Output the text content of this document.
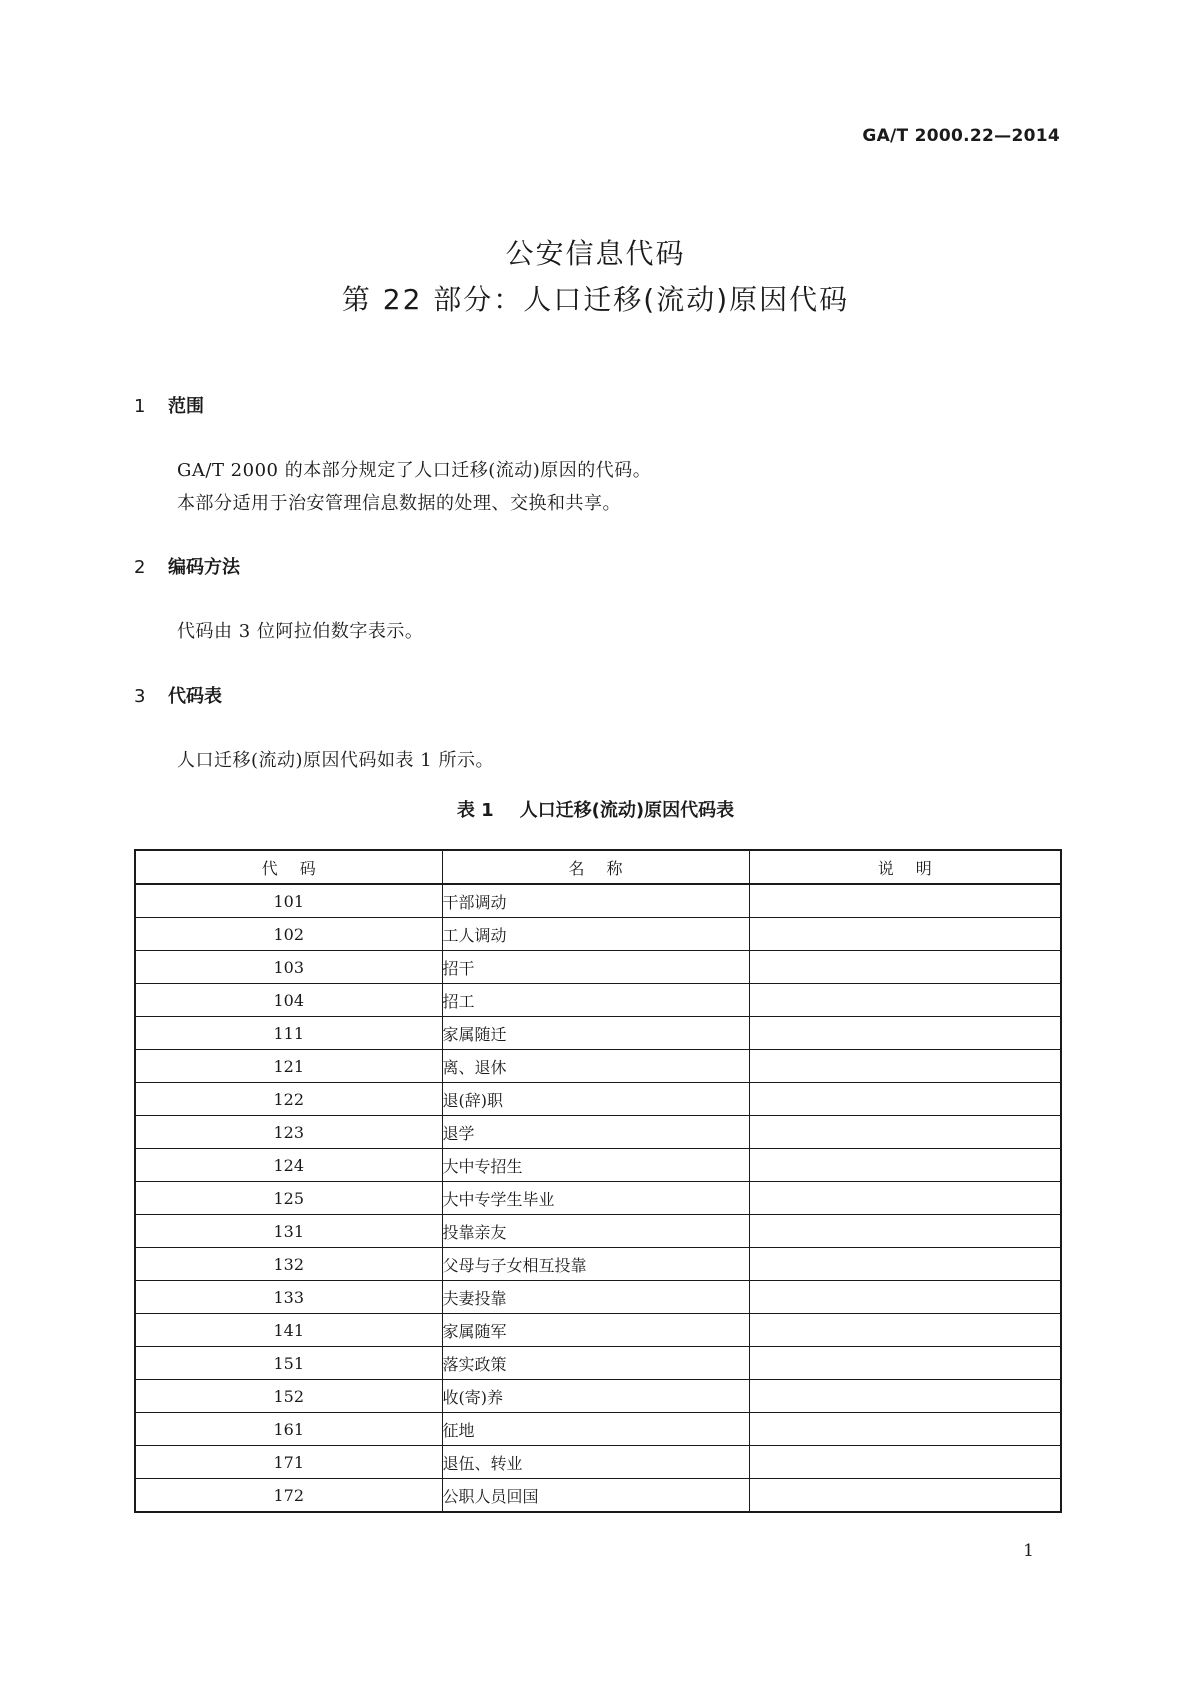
GA/T 2000.22—2014
公安信息代码
第 22 部分：人口迁移(流动)原因代码
1 范围
GA/T 2000 的本部分规定了人口迁移(流动)原因的代码。
本部分适用于治安管理信息数据的处理、交换和共享。
2 编码方法
代码由 3 位阿拉伯数字表示。
3 代码表
人口迁移(流动)原因代码如表 1 所示。
表 1 人口迁移(流动)原因代码表
代码	名称	说明
101	干部调动	
102	工人调动	
103	招干	
104	招工	
111	家属随迁	
121	离、退休	
122	退(辞)职	
123	退学	
124	大中专招生	
125	大中专学生毕业	
131	投靠亲友	
132	父母与子女相互投靠	
133	夫妻投靠	
141	家属随军	
151	落实政策	
152	收(寄)养	
161	征地	
171	退伍、转业	
172	公职人员回国	
1
